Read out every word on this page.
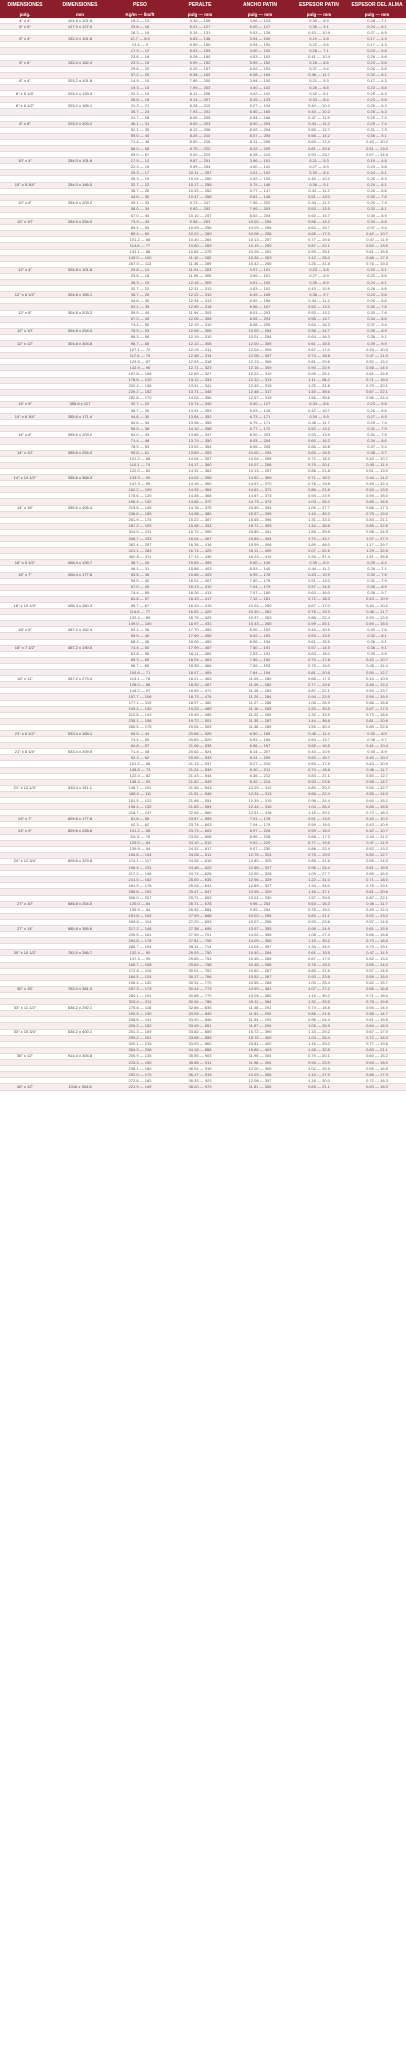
DIMENSIONES	DIMENSIONES	PESO	PERALTE	ANCHO PATIN	ESPESOR PATIN	ESPESOR DEL ALMA
pulg.	mm	Kg/m — lbs/ft	pulg — mm	pulg — mm	pulg — mm	pulg — mm
4" x 4"	101.6 x 101.6	19.3 — 13	4.16 — 106	4.06 — 103	0.35 — 8.9	0.28 — 7.1
5" x 5"	127.0 x 127.0	23.8 — 16	5.01 — 127	5.00 — 127	0.36 — 9.1	0.24 — 6.1
		28.3 — 19	5.15 — 131	5.03 — 128	0.43 — 10.9	0.27 — 6.9
6" x 4"	152.4 x 101.6	12.7 — 8.5	5.83 — 148	3.94 — 100	0.19 — 4.8	0.17 — 4.3
		13.4 — 9	5.90 — 150	3.94 — 100	0.22 — 5.6	0.17 — 4.3
		17.9 — 12	6.03 — 153	4.00 — 102	0.28 — 7.1	0.23 — 5.8
		23.8 — 16	6.28 — 160	4.03 — 102	0.41 — 10.4	0.26 — 6.6
6" x 6"	152.4 x 152.4	22.3 — 15	5.99 — 152	5.99 — 152	0.26 — 6.6	0.23 — 5.8
		29.8 — 20	6.20 — 157	6.02 — 153	0.37 — 9.4	0.26 — 6.6
		37.2 — 25	6.38 — 162	6.08 — 154	0.46 — 11.7	0.32 — 8.1
8" x 4"	203.2 x 101.6	14.9 — 10	7.89 — 200	3.94 — 100	0.21 — 5.3	0.17 — 4.3
		19.3 — 13	7.99 — 203	4.00 — 102	0.26 — 6.6	0.23 — 5.8
8" x 5 1/4"	203.2 x 133.3	22.3 — 15	8.11 — 206	4.02 — 102	0.32 — 8.1	0.25 — 6.3
		26.8 — 18	8.14 — 207	5.25 — 133	0.33 — 8.4	0.23 — 5.8
8" x 6 1/2"	203.2 x 165.1	31.3 — 21	8.28 — 210	5.27 — 134	0.40 — 10.2	0.25 — 6.3
		35.7 — 24	7.93 — 201	6.50 — 165	0.40 — 10.2	0.25 — 6.3
		41.7 — 28	8.06 — 205	6.54 — 166	0.47 — 11.9	0.29 — 7.4
8" x 8"	203.2 x 203.2	46.1 — 31	8.00 — 203	8.00 — 203	0.44 — 11.2	0.29 — 7.4
		52.1 — 35	8.12 — 206	8.02 — 204	0.50 — 12.7	0.31 — 7.9
		59.5 — 40	8.25 — 210	8.07 — 205	0.56 — 14.2	0.36 — 9.1
		71.4 — 48	8.50 — 216	8.11 — 206	0.69 — 17.4	0.40 — 10.2
		86.0 — 58	8.75 — 222	8.22 — 209	0.81 — 20.6	0.51 — 13.0
		99.0 — 67	9.00 — 229	8.28 — 210	0.93 — 23.7	0.57 — 14.5
10" x 4"	254.0 x 101.6	17.9 — 12	9.87 — 251	3.96 — 101	0.21 — 5.3	0.19 — 4.8
		22.3 — 15	9.99 — 254	4.00 — 102	0.27 — 6.9	0.23 — 5.8
		25.3 — 17	10.11 — 257	4.01 — 102	0.33 — 8.4	0.24 — 6.1
		28.3 — 19	10.24 — 260	4.02 — 102	0.40 — 10.2	0.25 — 6.3
10" x 5 3/4"	254.0 x 146.0	32.7 — 22	10.17 — 258	5.75 — 146	0.36 — 9.1	0.24 — 6.1
		38.7 — 26	10.33 — 262	5.77 — 147	0.44 — 11.2	0.26 — 6.6
		44.6 — 30	10.47 — 266	5.81 — 148	0.51 — 13.0	0.30 — 7.6
10" x 8"	254.0 x 203.2	49.1 — 33	9.73 — 247	7.96 — 202	0.44 — 11.2	0.29 — 7.4
		58.0 — 39	9.92 — 252	7.99 — 203	0.53 — 13.5	0.32 — 8.1
		67.0 — 45	10.10 — 257	8.02 — 204	0.62 — 15.7	0.35 — 8.9
10" x 10"	254.0 x 254.0	73.9 — 49	9.98 — 253	10.00 — 254	0.56 — 14.2	0.34 — 8.6
		80.4 — 54	10.09 — 256	10.03 — 255	0.62 — 15.7	0.37 — 9.4
		89.4 — 60	10.22 — 260	10.08 — 256	0.68 — 17.3	0.42 — 10.7
		101.2 — 68	10.40 — 264	10.13 — 257	0.77 — 19.6	0.47 — 11.9
		114.6 — 77	10.60 — 269	10.19 — 259	0.87 — 22.1	0.53 — 13.5
		131.1 — 88	10.84 — 275	10.26 — 261	0.99 — 25.1	0.61 — 15.5
		149.0 — 100	11.10 — 282	10.34 — 263	1.12 — 28.4	0.68 — 17.3
		167.0 — 112	11.36 — 289	10.42 — 265	1.25 — 31.8	0.76 — 19.3
12" x 4"	304.8 x 101.6	20.8 — 14	11.91 — 303	3.97 — 101	0.23 — 5.8	0.20 — 5.1
		23.8 — 16	11.99 — 305	3.99 — 101	0.27 — 6.9	0.22 — 5.6
		28.3 — 19	12.16 — 309	4.01 — 102	0.35 — 8.9	0.24 — 6.1
		32.7 — 22	12.31 — 313	4.03 — 102	0.43 — 10.9	0.26 — 6.6
12" x 6 1/2"	304.8 x 165.1	35.7 — 26	12.22 — 310	6.49 — 165	0.38 — 9.7	0.23 — 5.8
		44.6 — 30	12.34 — 313	6.52 — 166	0.44 — 11.2	0.26 — 6.6
		52.1 — 35	12.50 — 318	6.56 — 167	0.52 — 13.2	0.30 — 7.6
12" x 8"	304.8 x 203.2	59.5 — 40	11.94 — 303	8.01 — 203	0.52 — 13.2	0.30 — 7.6
		67.0 — 45	12.06 — 306	8.05 — 204	0.58 — 14.7	0.34 — 8.6
		74.4 — 50	12.19 — 310	8.08 — 205	0.64 — 16.3	0.37 — 9.4
12" x 10"	304.8 x 254.0	78.9 — 53	12.06 — 306	10.00 — 254	0.58 — 14.7	0.35 — 8.9
		86.3 — 58	12.19 — 310	10.01 — 254	0.64 — 16.3	0.36 — 9.1
12" x 12"	304.8 x 304.8	96.7 — 65	12.12 — 308	12.00 — 305	0.61 — 15.5	0.39 — 9.9
		107.1 — 72	12.25 — 311	12.04 — 306	0.67 — 17.0	0.43 — 10.9
		117.6 — 79	12.38 — 314	12.08 — 307	0.74 — 18.8	0.47 — 11.9
		129.5 — 87	12.53 — 318	12.13 — 308	0.81 — 20.6	0.52 — 13.2
		142.9 — 96	12.71 — 323	12.16 — 309	0.90 — 22.9	0.55 — 14.0
		157.8 — 106	12.89 — 327	12.22 — 310	0.99 — 25.1	0.61 — 15.5
		178.6 — 120	13.12 — 333	12.32 — 313	1.11 — 28.2	0.71 — 18.0
		202.4 — 136	13.41 — 341	12.40 — 315	1.25 — 31.8	0.79 — 20.1
		226.2 — 152	13.71 — 348	12.48 — 317	1.40 — 35.6	0.87 — 22.1
		252.8 — 170	14.03 — 356	12.57 — 319	1.56 — 39.6	0.96 — 24.4
14" x 5"	355.6 x 127	32.7 — 22	13.74 — 349	5.00 — 127	0.34 — 8.6	0.23 — 5.8
		38.7 — 26	13.91 — 353	5.03 — 128	0.42 — 10.7	0.26 — 6.6
14" x 6 3/4"	355.6 x 171.4	44.6 — 30	13.84 — 352	6.73 — 171	0.39 — 9.9	0.27 — 6.9
		50.6 — 34	13.98 — 355	6.75 — 171	0.46 — 11.7	0.29 — 7.4
		56.5 — 38	14.10 — 358	6.77 — 172	0.52 — 13.2	0.31 — 7.9
14" x 8"	355.6 x 203.2	64.0 — 43	13.66 — 347	8.00 — 203	0.53 — 13.5	0.31 — 7.9
		71.4 — 48	13.79 — 350	8.03 — 204	0.60 — 15.2	0.34 — 8.6
		78.9 — 53	13.92 — 354	8.06 — 205	0.66 — 16.8	0.37 — 9.4
14" x 10"	355.6 x 254.0	90.8 — 61	13.89 — 353	10.00 — 254	0.65 — 16.5	0.38 — 9.7
		101.2 — 68	14.04 — 357	10.04 — 255	0.72 — 18.3	0.42 — 10.7
		110.1 — 74	14.17 — 360	10.07 — 256	0.79 — 20.1	0.45 — 11.4
		122.0 — 82	14.31 — 363	10.13 — 257	0.86 — 21.8	0.51 — 13.0
14" x 14 1/2"	355.6 x 368.3	133.9 — 90	14.02 — 356	14.52 — 369	0.71 — 18.0	0.44 — 11.2
		147.3 — 99	14.16 — 360	14.57 — 370	0.78 — 19.8	0.49 — 12.4
		162.2 — 109	14.32 — 364	14.61 — 371	0.86 — 21.8	0.53 — 13.5
		178.6 — 120	14.48 — 368	14.67 — 373	0.94 — 23.9	0.59 — 15.0
		196.4 — 132	14.66 — 372	14.73 — 374	1.03 — 26.2	0.65 — 16.5
14" x 16"	355.6 x 406.4	215.8 — 145	14.78 — 375	15.50 — 394	1.09 — 27.7	0.68 — 17.3
		236.6 — 159	14.98 — 380	15.57 — 395	1.19 — 30.2	0.75 — 19.0
		261.9 — 176	15.22 — 387	15.65 — 398	1.31 — 33.3	0.83 — 21.1
		287.2 — 193	15.48 — 393	15.71 — 399	1.44 — 36.6	0.89 — 22.6
		314.0 — 211	15.72 — 399	15.80 — 401	1.56 — 39.6	0.98 — 24.9
		346.7 — 233	16.04 — 407	15.89 — 404	1.72 — 43.7	1.07 — 27.2
		382.4 — 257	16.38 — 416	15.99 — 406	1.89 — 48.0	1.17 — 29.7
		421.1 — 283	16.74 — 425	16.11 — 409	2.07 — 52.6	1.29 — 32.8
		462.8 — 311	17.12 — 435	16.23 — 412	2.26 — 57.4	1.41 — 35.8
16" x 5 1/2"	406.4 x 139.7	38.7 — 26	15.69 — 399	5.50 — 140	0.35 — 8.9	0.25 — 6.4
		46.1 — 31	15.88 — 403	5.53 — 140	0.44 — 11.2	0.28 — 7.1
16" x 7"	406.4 x 177.8	53.6 — 36	15.86 — 403	6.99 — 178	0.43 — 10.9	0.30 — 7.6
		59.5 — 40	16.01 — 407	7.00 — 178	0.51 — 13.0	0.31 — 7.9
		67.0 — 45	16.13 — 410	7.04 — 179	0.57 — 14.5	0.35 — 8.9
		74.4 — 50	16.26 — 413	7.07 — 180	0.63 — 16.0	0.38 — 9.7
		84.8 — 57	16.43 — 417	7.12 — 181	0.72 — 18.3	0.43 — 10.9
16" x 10 1/4"	406.4 x 260.3	99.7 — 67	16.33 — 415	10.24 — 260	0.67 — 17.0	0.40 — 10.2
		114.6 — 77	16.52 — 420	10.30 — 262	0.76 — 19.3	0.46 — 11.7
		132.4 — 89	16.75 — 425	10.37 — 263	0.88 — 22.4	0.53 — 13.5
		149.0 — 100	16.97 — 431	10.43 — 265	0.99 — 25.1	0.59 — 15.0
18" x 6"	457.2 x 152.4	52.1 — 35	17.70 — 450	6.00 — 152	0.43 — 10.9	0.30 — 7.6
		59.5 — 40	17.90 — 455	6.02 — 153	0.53 — 13.5	0.32 — 8.1
		68.4 — 46	18.06 — 459	6.06 — 154	0.61 — 15.5	0.36 — 9.1
18" x 7 1/2"	457.2 x 190.5	74.4 — 50	17.99 — 457	7.50 — 191	0.57 — 14.5	0.36 — 9.1
		81.8 — 55	18.11 — 460	7.53 — 191	0.63 — 16.0	0.39 — 9.9
		89.3 — 60	18.24 — 463	7.56 — 192	0.70 — 17.8	0.42 — 10.7
		96.7 — 65	18.35 — 466	7.59 — 193	0.75 — 19.0	0.45 — 11.4
		105.6 — 71	18.47 — 469	7.64 — 194	0.81 — 20.6	0.50 — 12.7
18" x 11"	457.2 x 279.4	113.1 — 76	18.21 — 463	11.04 — 280	0.68 — 17.3	0.43 — 10.9
		128.0 — 86	18.39 — 467	11.09 — 282	0.77 — 19.6	0.48 — 12.2
		144.2 — 97	18.59 — 472	11.15 — 283	0.87 — 22.1	0.54 — 13.7
		157.7 — 106	18.73 — 476	11.20 — 284	0.94 — 23.9	0.59 — 15.0
		177.1 — 119	18.97 — 482	11.27 — 286	1.06 — 26.9	0.66 — 16.8
		193.4 — 130	19.25 — 489	11.16 — 283	1.20 — 30.5	0.67 — 17.0
		210.8 — 143	19.49 — 495	11.22 — 285	1.32 — 33.5	0.73 — 18.5
		235.1 — 158	19.72 — 501	11.30 — 287	1.44 — 36.6	0.81 — 20.6
		260.5 — 175	20.04 — 509	11.38 — 289	1.59 — 40.4	0.89 — 22.6
21" x 6 1/2"	533.4 x 165.1	65.5 — 44	20.66 — 525	6.50 — 165	0.45 — 11.4	0.35 — 8.9
		74.4 — 50	20.83 — 529	6.53 — 166	0.54 — 13.7	0.38 — 9.7
		84.8 — 57	21.06 — 535	6.56 — 167	0.65 — 16.5	0.41 — 10.4
21" x 8 1/4"	533.4 x 209.5	71.4 — 48	20.62 — 524	8.14 — 207	0.43 — 10.9	0.35 — 8.9
		92.3 — 62	20.99 — 533	8.24 — 209	0.62 — 15.7	0.40 — 10.2
		101.2 — 68	21.13 — 537	8.27 — 210	0.69 — 17.5	0.43 — 10.9
		108.6 — 73	21.24 — 539	8.30 — 211	0.74 — 18.8	0.46 — 11.7
		122.0 — 82	21.43 — 544	8.36 — 212	0.83 — 21.1	0.50 — 12.7
		138.4 — 93	21.62 — 549	8.42 — 214	0.93 — 23.6	0.58 — 14.7
21" x 12 1/4"	533.4 x 311.1	148.7 — 101	21.36 — 543	12.29 — 312	0.80 — 20.3	0.50 — 12.7
		165.0 — 111	21.51 — 546	12.34 — 313	0.88 — 22.4	0.55 — 14.0
		181.5 — 122	21.68 — 551	12.39 — 315	0.96 — 24.4	0.60 — 15.2
		196.4 — 132	21.83 — 554	12.44 — 316	1.04 — 26.4	0.65 — 16.5
		218.7 — 147	22.06 — 560	12.51 — 318	1.15 — 29.2	0.72 — 18.3
24" x 7"	609.6 x 177.8	81.8 — 55	23.57 — 599	7.01 — 178	0.51 — 13.0	0.40 — 10.2
		92.3 — 62	23.74 — 603	7.04 — 179	0.59 — 15.0	0.43 — 10.9
24" x 9"	609.6 x 228.6	101.2 — 68	23.73 — 603	8.97 — 228	0.59 — 15.0	0.42 — 10.7
		111.5 — 76	23.92 — 608	8.99 — 228	0.68 — 17.3	0.44 — 11.2
		125.0 — 84	24.10 — 612	9.02 — 229	0.77 — 19.6	0.47 — 11.9
		139.9 — 94	24.31 — 617	9.07 — 230	0.88 — 22.4	0.52 — 13.2
		154.8 — 104	24.06 — 611	12.75 — 324	0.75 — 19.0	0.50 — 12.7
24" x 12 3/4"	609.6 x 323.8	174.1 — 117	24.26 — 616	12.80 — 325	0.85 — 21.6	0.55 — 14.0
		196.4 — 131	24.48 — 622	12.86 — 327	0.96 — 24.4	0.61 — 15.5
		217.2 — 146	24.74 — 628	12.90 — 328	1.09 — 27.7	0.65 — 16.5
		241.0 — 162	25.00 — 635	12.96 — 329	1.22 — 31.0	0.71 — 18.0
		261.9 — 176	25.24 — 641	12.89 — 327	1.34 — 34.0	0.75 — 19.1
		285.6 — 192	25.47 — 647	12.95 — 329	1.46 — 37.1	0.81 — 20.6
		306.0 — 207	25.71 — 653	13.01 — 330	1.57 — 39.9	0.87 — 22.1
27" x 10"	685.8 x 254.0	125.0 — 84	26.71 — 678	9.96 — 253	0.64 — 16.3	0.46 — 11.7
		139.9 — 94	26.92 — 684	9.99 — 254	0.75 — 19.0	0.49 — 12.4
		151.8 — 102	27.09 — 688	10.02 — 255	0.83 — 21.1	0.52 — 13.2
		169.6 — 114	27.29 — 693	10.07 — 256	0.93 — 23.6	0.57 — 14.5
27" x 14"	685.8 x 355.6	217.2 — 146	27.38 — 695	13.97 — 355	0.98 — 24.9	0.61 — 15.5
		239.5 — 161	27.59 — 701	14.02 — 356	1.08 — 27.4	0.66 — 16.8
		264.8 — 178	27.81 — 706	14.09 — 358	1.19 — 30.2	0.73 — 18.5
		288.7 — 194	28.11 — 714	14.04 — 357	1.34 — 34.0	0.75 — 19.1
30" x 10 1/2"	762.0 x 266.7	132.4 — 90	29.53 — 750	10.40 — 264	0.61 — 15.5	0.47 — 11.9
		147.3 — 99	29.65 — 753	10.45 — 265	0.67 — 17.0	0.52 — 13.2
		160.7 — 108	29.83 — 758	10.48 — 266	0.76 — 19.3	0.55 — 14.0
		172.6 — 116	30.01 — 762	10.50 — 267	0.85 — 21.6	0.57 — 14.5
		184.5 — 124	30.17 — 766	10.52 — 267	0.93 — 23.6	0.59 — 15.0
		196.4 — 132	30.31 — 770	10.55 — 268	1.00 — 25.4	0.62 — 15.7
30" x 15"	762.0 x 381.0	257.3 — 173	30.44 — 773	14.99 — 381	1.07 — 27.2	0.66 — 16.8
		284.1 — 191	30.68 — 779	15.04 — 382	1.19 — 30.2	0.71 — 18.0
		315.4 — 211	30.94 — 786	15.11 — 384	1.32 — 33.5	0.78 — 19.8
33" x 11 1/2"	838.2 x 292.1	175.6 — 118	32.86 — 835	11.48 — 292	0.74 — 18.8	0.55 — 14.0
		192.9 — 130	33.09 — 840	11.51 — 292	0.86 — 21.8	0.58 — 14.7
		208.8 — 141	33.30 — 846	11.54 — 293	0.96 — 24.4	0.61 — 15.5
		226.2 — 152	33.49 — 851	11.57 — 294	1.06 — 26.9	0.64 — 16.3
33" x 15 3/4"	838.2 x 400.1	251.3 — 169	33.82 — 859	15.72 — 399	1.15 — 29.2	0.67 — 17.0
		299.2 — 201	33.68 — 855	15.75 — 400	1.04 — 26.4	0.72 — 18.3
		320.1 — 215	33.93 — 862	15.81 — 402	1.15 — 29.2	0.77 — 19.6
		354.3 — 238	34.18 — 868	15.86 — 403	1.28 — 32.5	0.83 — 21.1
36" x 12"	914.4 x 304.8	200.9 — 135	35.55 — 903	11.95 — 304	0.79 — 20.1	0.60 — 15.2
		223.3 — 150	35.85 — 911	11.98 — 304	0.94 — 23.9	0.63 — 16.0
		238.1 — 160	36.01 — 915	12.00 — 305	1.02 — 25.9	0.65 — 16.5
		252.0 — 170	36.17 — 919	12.03 — 306	1.10 — 27.9	0.68 — 17.3
		272.8 — 182	36.33 — 923	12.08 — 307	1.18 — 30.0	0.72 — 18.3
40" x 12"	1016 x 304.8	221.9 — 149	38.20 — 970	11.81 — 300	0.83 — 21.1	0.63 — 16.0
